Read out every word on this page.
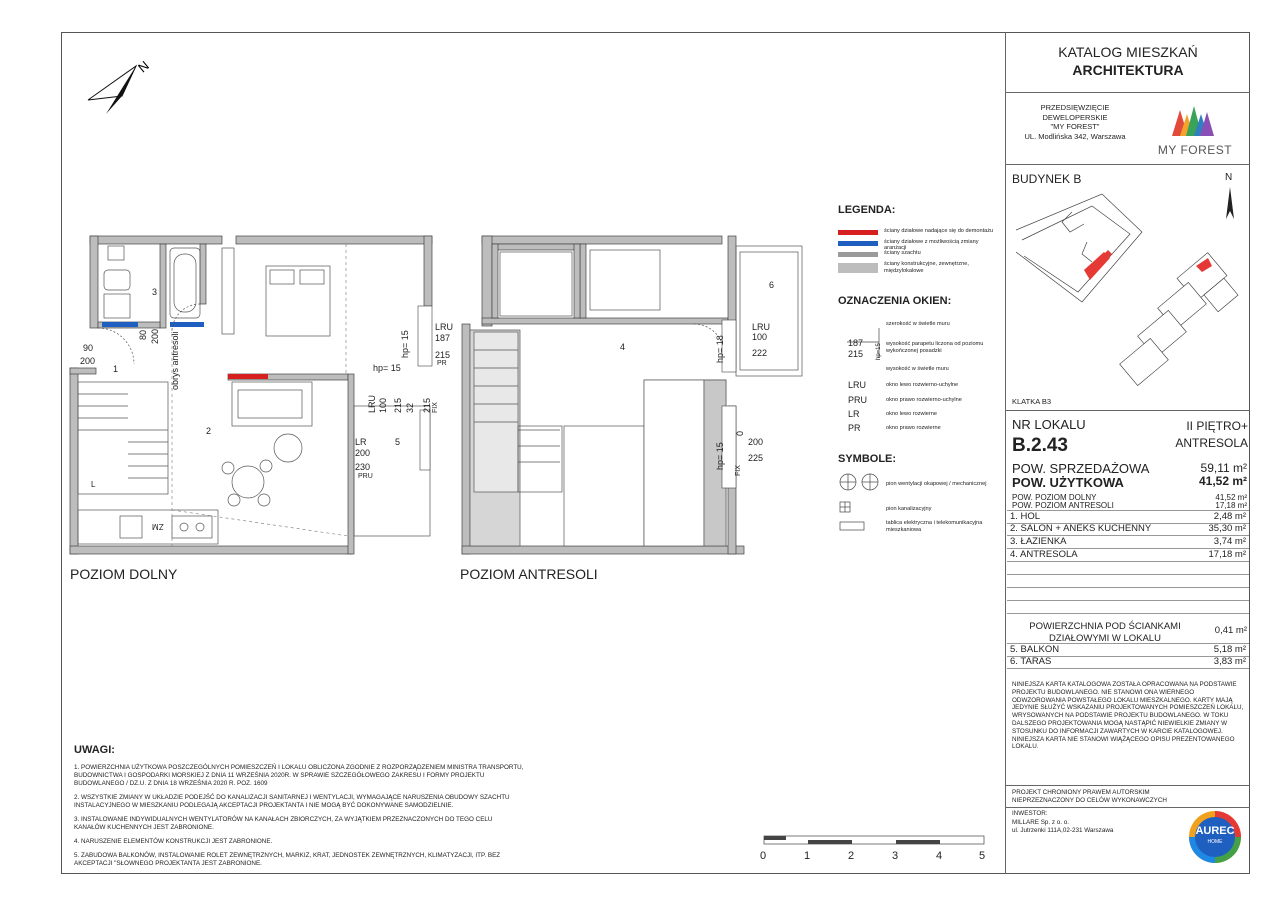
KATALOG MIESZKAŃ
ARCHITEKTURA
PRZEDSIĘWZIĘCIE
DEWELOPERSKIE
"MY FOREST"
UL. Modlińska 342, Warszawa
MY FOREST
BUDYNEK B	N
KLATKA B3
NR LOKALU
B.2.43
II PIĘTRO+
ANTRESOLA
POW. SPRZEDAŻOWA	59,11 m²
POW. UŻYTKOWA	41,52 m²
POW. POZIOM DOLNY	41,52 m²
POW. POZIOM ANTRESOLI	17,18 m²
1. HOL	2,48 m²
2. SALON + ANEKS KUCHENNY	35,30 m²
3. ŁAZIENKA	3,74 m²
4. ANTRESOLA	17,18 m²
POWIERZCHNIA POD ŚCIANKAMI
DZIAŁOWYMI W LOKALU
0,41 m²
5. BALKON	5,18 m²
6. TARAS	3,83 m²
NINIEJSZA KARTA KATALOGOWA ZOSTAŁA OPRACOWANA NA PODSTAWIE PROJEKTU BUDOWLANEGO. NIE STANOWI ONA WIERNEGO ODWZOROWANIA POWSTAŁEGO LOKALU MIESZKALNEGO. KARTY MAJĄ JEDYNIE SŁUŻYĆ WSKAZANIU PROJEKTOWANYCH POMIESZCZEŃ LOKALU, WRYSOWANYCH NA PODSTAWIE PROJEKTU BUDOWLANEGO. W TOKU DALSZEGO PROJEKTOWANIA MOGĄ NASTĄPIĆ NIEWIELKIE ZMIANY W STOSUNKU DO INFORMACJI ZAWARTYCH W KARCIE KATALOGOWEJ. NINIEJSZA KARTA NIE STANOWI WIĄŻĄCEGO OPISU PREZENTOWANEGO LOKALU.
PROJEKT CHRONIONY PRAWEM AUTORSKIM
NIEPRZEZNACZONY DO CELÓW WYKONAWCZYCH
INWESTOR:
MILLARE Sp. z o. o.
ul. Jutrzenki 111A,02-231 Warszawa	AUREC
HOME
N
90
200
80 200 obrys antresoli
1
2
3
5
LRU
187
215
PR
hp= 15
hp= 15
LRU 100 215 32 215 FIX
LR
200
230
PRU
ZM
L
4
6
hp= 18
LRU
100
222
hp= 15
0
200
225
FIX
POZIOM DOLNY	POZIOM ANTRESOLI
LEGENDA:
ściany działowe nadające się do demontażu
ściany działowe z możliwością zmiany aranżacji
ściany szachtu
ściany konstrukcyjne, zewnętrzne, międzylokalowe
OZNACZENIA OKIEN:
187
215 hp=15
szerokość w świetle muru
wysokość parapetu liczona od poziomu wykończonej posadzki
wysokość w świetle muru
LRU	okno lewo rozwierno-uchylne
PRU	okno prawo rozwierno-uchylne
LR	okno lewo rozwierne
PR	okno prawo rozwierne
SYMBOLE:
pion wentylacji okapowej / mechanicznej
pion kanalizacyjny
tablica elektryczna i telekomunikacyjna mieszkaniowa
UWAGI:

1. POWIERZCHNIA UŻYTKOWA POSZCZEGÓLNYCH POMIESZCZEŃ I LOKALU OBLICZONA ZGODNIE Z ROZPORZĄDZENIEM MINISTRA TRANSPORTU, BUDOWNICTWA I GOSPODARKI MORSKIEJ Z DNIA 11 WRZEŚNIA 2020R. W SPRAWIE SZCZEGÓŁOWEGO ZAKRESU I FORMY PROJEKTU BUDOWLANEGO / DZ.U. Z DNIA 18 WRZEŚNIA 2020 R. POZ. 1609

2. WSZYSTKIE ZMIANY W UKŁADZIE PODEJŚĆ DO KANALIZACJI SANITARNEJ I WENTYLACJI, WYMAGAJĄCE NARUSZENIA OBUDOWY SZACHTU INSTALACYJNEGO W MIESZKANIU PODLEGAJĄ AKCEPTACJI PROJEKTANTA I NIE MOGĄ BYĆ DOKONYWANE SAMODZIELNIE.

3. INSTALOWANIE INDYWIDUALNYCH WENTYLATORÓW NA KANAŁACH ZBIORCZYCH, ZA WYJĄTKIEM PRZEZNACZONYCH DO TEGO CELU KANAŁÓW KUCHENNYCH JEST ZABRONIONE.

4. NARUSZENIE ELEMENTÓW KONSTRUKCJI JEST ZABRONIONE.

5. ZABUDOWA BALKONÓW, INSTALOWANIE ROLET ZEWNĘTRZNYCH, MARKIZ, KRAT, JEDNOSTEK ZEWNĘTRZNYCH, KLIMATYZACJI, ITP. BEZ AKCEPTACJI "SŁOWNEGO PROJEKTANTA JEST ZABRONIONE.

0	1	2	3	4	5
